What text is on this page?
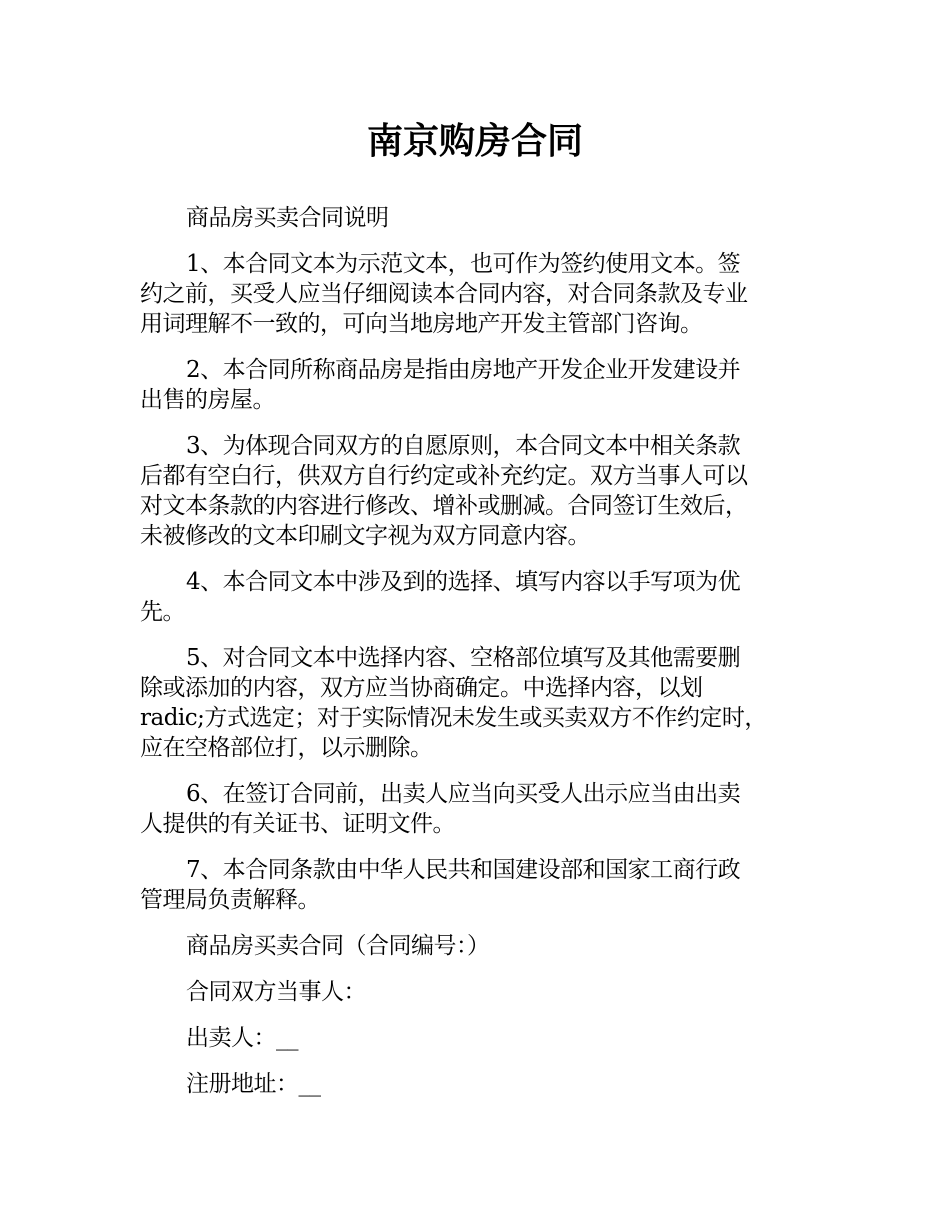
南京购房合同

商品房买卖合同说明

1、本合同文本为示范文本，也可作为签约使用文本。签
约之前，买受人应当仔细阅读本合同内容，对合同条款及专业
用词理解不一致的，可向当地房地产开发主管部门咨询。

2、本合同所称商品房是指由房地产开发企业开发建设并
出售的房屋。

3、为体现合同双方的自愿原则，本合同文本中相关条款
后都有空白行，供双方自行约定或补充约定。双方当事人可以
对文本条款的内容进行修改、增补或删减。合同签订生效后，
未被修改的文本印刷文字视为双方同意内容。

4、本合同文本中涉及到的选择、填写内容以手写项为优
先。

5、对合同文本中选择内容、空格部位填写及其他需要删
除或添加的内容，双方应当协商确定。中选择内容，以划
radic;方式选定；对于实际情况未发生或买卖双方不作约定时，
应在空格部位打，以示删除。

6、在签订合同前，出卖人应当向买受人出示应当由出卖
人提供的有关证书、证明文件。

7、本合同条款由中华人民共和国建设部和国家工商行政
管理局负责解释。

商品房买卖合同（合同编号：）

合同双方当事人：

出卖人：__

注册地址：__
